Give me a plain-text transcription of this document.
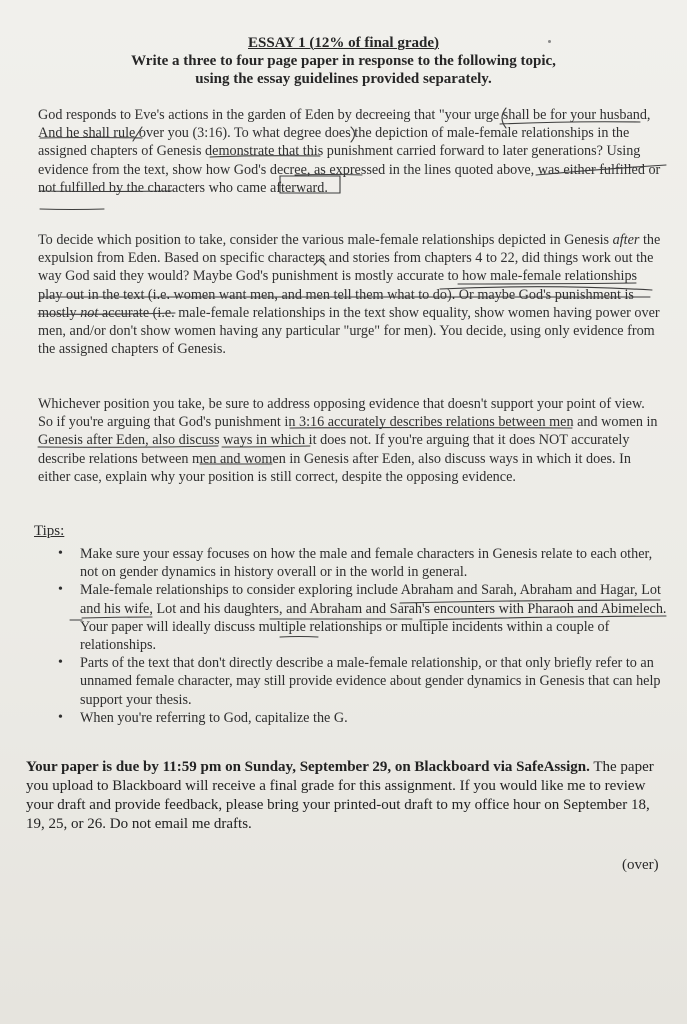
ESSAY 1 (12% of final grade)
Write a three to four page paper in response to the following topic,
using the essay guidelines provided separately.

God responds to Eve's actions in the garden of Eden by decreeing that "your urge shall be for your husband, And he shall rule over you (3:16). To what degree does the depiction of male-female relationships in the assigned chapters of Genesis demonstrate that this punishment carried forward to later generations? Using evidence from the text, show how God's decree, as expressed in the lines quoted above, was either fulfilled or not fulfilled by the characters who came afterward.

To decide which position to take, consider the various male-female relationships depicted in Genesis after the expulsion from Eden. Based on specific characters and stories from chapters 4 to 22, did things work out the way God said they would? Maybe God's punishment is mostly accurate to how male-female relationships play out in the text (i.e. women want men, and men tell them what to do). Or maybe God's punishment is mostly not accurate (i.e. male-female relationships in the text show equality, show women having power over men, and/or don't show women having any particular "urge" for men). You decide, using only evidence from the assigned chapters of Genesis.

Whichever position you take, be sure to address opposing evidence that doesn't support your point of view. So if you're arguing that God's punishment in 3:16 accurately describes relations between men and women in Genesis after Eden, also discuss ways in which it does not. If you're arguing that it does NOT accurately describe relations between men and women in Genesis after Eden, also discuss ways in which it does. In either case, explain why your position is still correct, despite the opposing evidence.

Tips:
• Make sure your essay focuses on how the male and female characters in Genesis relate to each other, not on gender dynamics in history overall or in the world in general.
• Male-female relationships to consider exploring include Abraham and Sarah, Abraham and Hagar, Lot and his wife, Lot and his daughters, and Abraham and Sarah's encounters with Pharaoh and Abimelech. Your paper will ideally discuss multiple relationships or multiple incidents within a couple of relationships.
• Parts of the text that don't directly describe a male-female relationship, or that only briefly refer to an unnamed female character, may still provide evidence about gender dynamics in Genesis that can help support your thesis.
• When you're referring to God, capitalize the G.
Your paper is due by 11:59 pm on Sunday, September 29, on Blackboard via SafeAssign. The paper you upload to Blackboard will receive a final grade for this assignment. If you would like me to review your draft and provide feedback, please bring your printed-out draft to my office hour on September 18, 19, 25, or 26. Do not email me drafts.
(over)
